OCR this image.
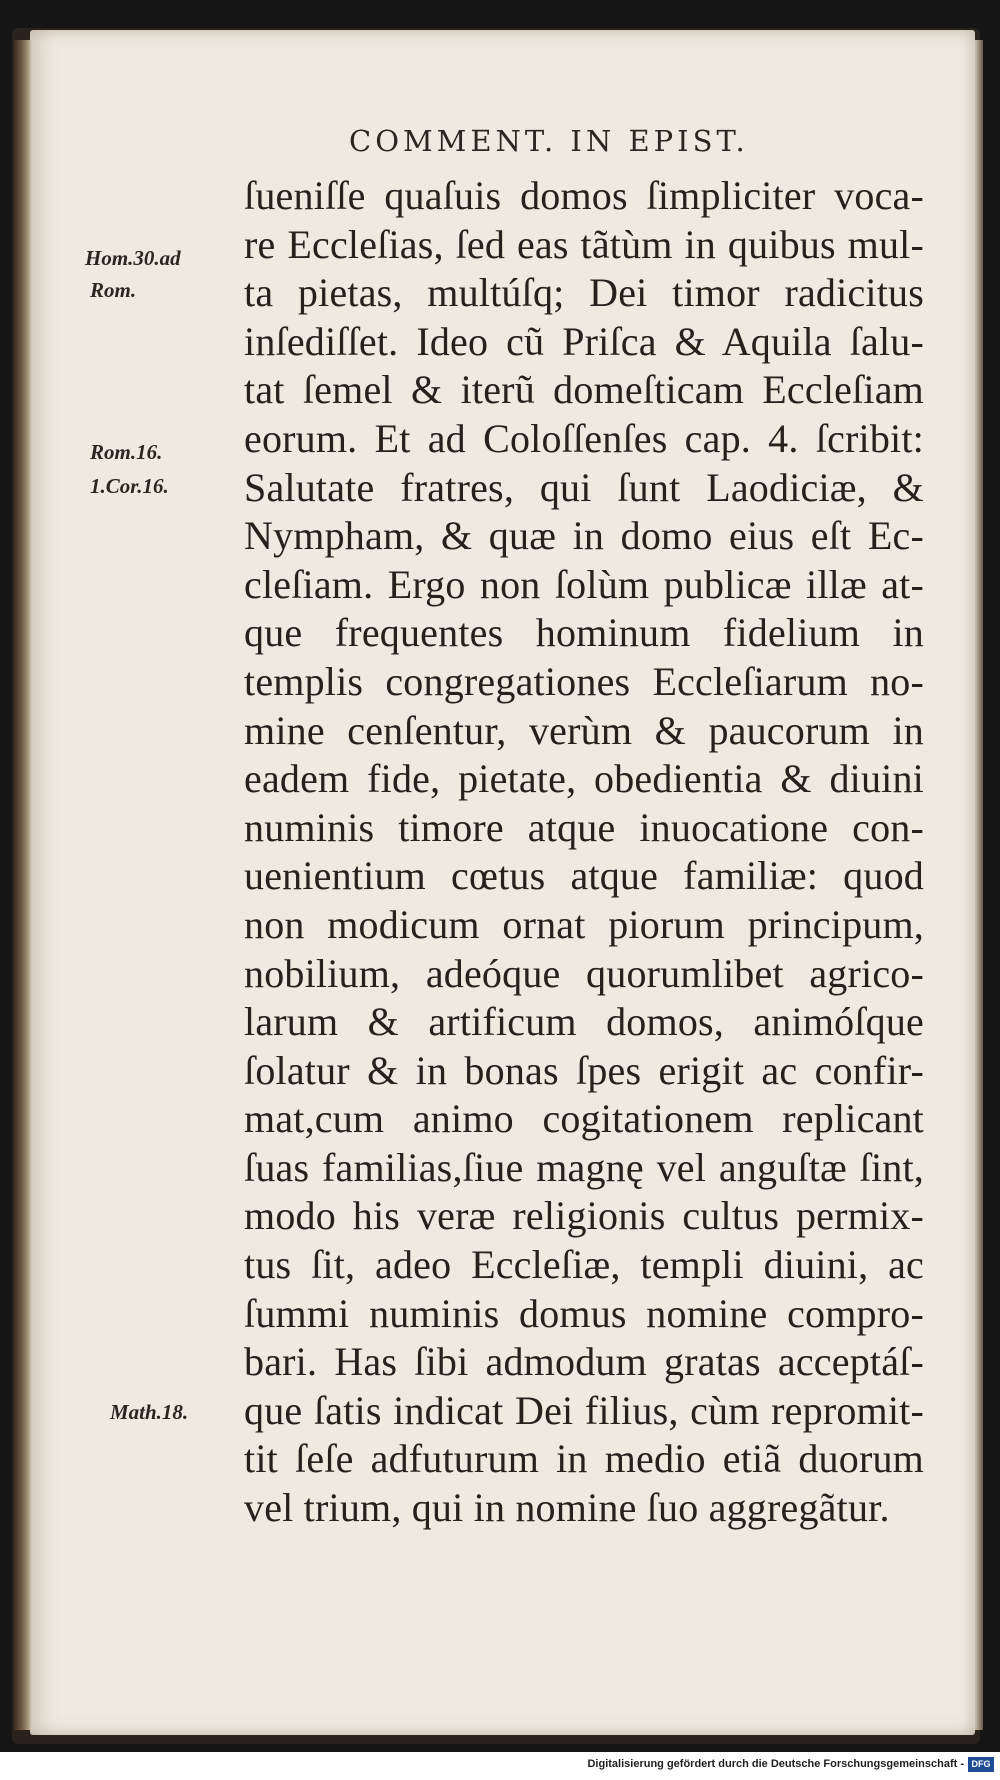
COMMENT. IN EPIST.
Hom.30.ad
Rom.
Rom.16.
1.Cor.16.
Math.18.
ſueniſſe quaſuis domos ſimpliciter voca-
re Eccleſias, ſed eas tãtùm in quibus mul-
ta pietas, multúſq; Dei timor radicitus
inſediſſet. Ideo cũ Priſca & Aquila ſalu-
tat ſemel & iterũ domeſticam Eccleſiam
eorum. Et ad Coloſſenſes cap. 4. ſcribit:
Salutate fratres, qui ſunt Laodiciæ, &
Nympham, & quæ in domo eius eſt Ec-
cleſiam. Ergo non ſolùm publicæ illæ at-
que frequentes hominum fidelium in
templis congregationes Eccleſiarum no-
mine cenſentur, verùm & paucorum in
eadem fide, pietate, obedientia & diuini
numinis timore atque inuocatione con-
uenientium cœtus atque familiæ: quod
non modicum ornat piorum principum,
nobilium, adeóque quorumlibet agrico-
larum & artificum domos, animóſque
ſolatur & in bonas ſpes erigit ac confir-
mat,cum animo cogitationem replicant
ſuas familias,ſiue magnę vel anguſtæ ſint,
modo his veræ religionis cultus permix-
tus ſit, adeo Eccleſiæ, templi diuini, ac
ſummi numinis domus nomine compro-
bari. Has ſibi admodum gratas acceptáſ-
que ſatis indicat Dei filius, cùm repromit-
tit ſeſe adfuturum in medio etiã duorum
vel trium, qui in nomine ſuo aggregãtur.
Digitalisierung gefördert durch die Deutsche Forschungsgemeinschaft - DFG
